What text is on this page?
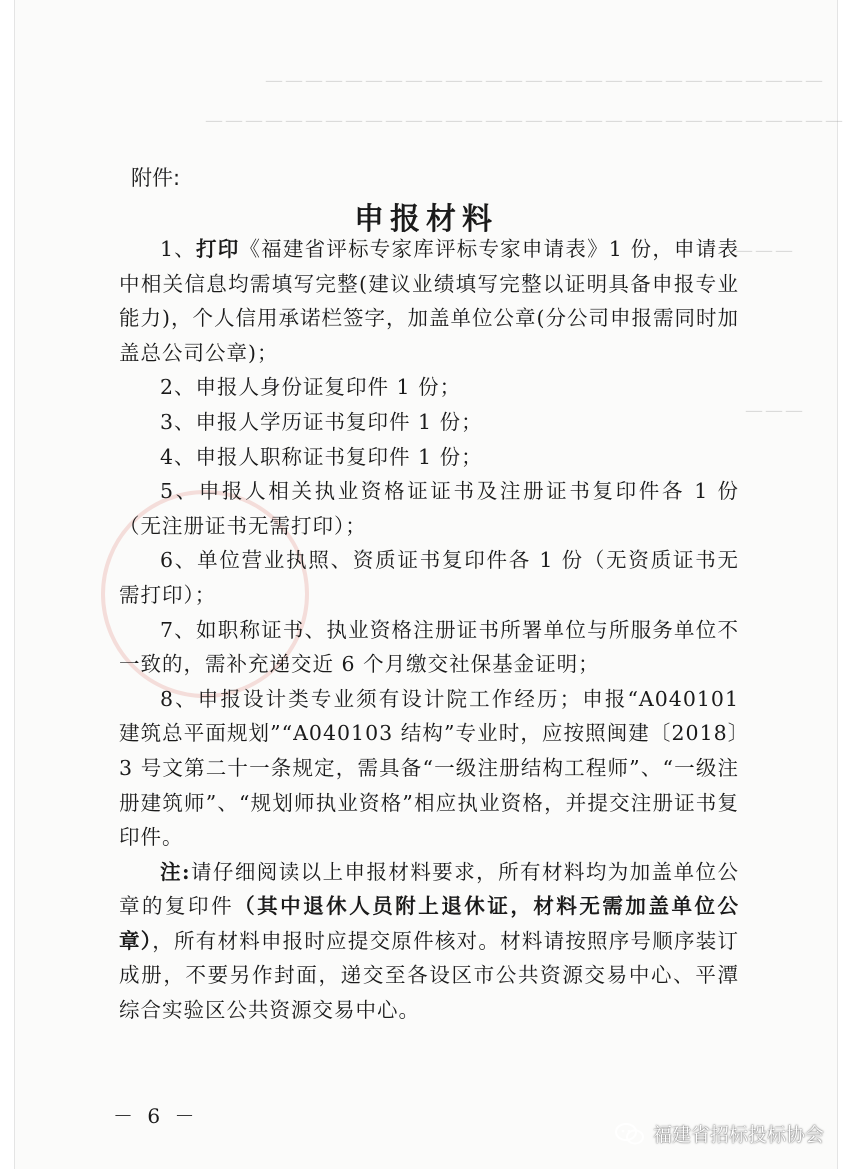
————————————————————————————
————————————————————————————————
———
———
附件:
申报材料

1、打印《福建省评标专家库评标专家申请表》1 份，申请表中相关信息均需填写完整(建议业绩填写完整以证明具备申报专业能力)，个人信用承诺栏签字，加盖单位公章(分公司申报需同时加盖总公司公章)；

2、申报人身份证复印件 1 份；

3、申报人学历证书复印件 1 份；

4、申报人职称证书复印件 1 份；

5、申报人相关执业资格证证书及注册证书复印件各 1 份（无注册证书无需打印）；

6、单位营业执照、资质证书复印件各 1 份（无资质证书无需打印）；

7、如职称证书、执业资格注册证书所署单位与所服务单位不一致的，需补充递交近 6 个月缴交社保基金证明；

8、申报设计类专业须有设计院工作经历；申报“A040101 建筑总平面规划”“A040103 结构”专业时，应按照闽建〔2018〕3 号文第二十一条规定，需具备“一级注册结构工程师”、“一级注册建筑师”、“规划师执业资格”相应执业资格，并提交注册证书复印件。

注:请仔细阅读以上申报材料要求，所有材料均为加盖单位公章的复印件（其中退休人员附上退休证，材料无需加盖单位公章），所有材料申报时应提交原件核对。材料请按照序号顺序装订成册，不要另作封面，递交至各设区市公共资源交易中心、平潭综合实验区公共资源交易中心。

－ 6 －
福建省招标投标协会
